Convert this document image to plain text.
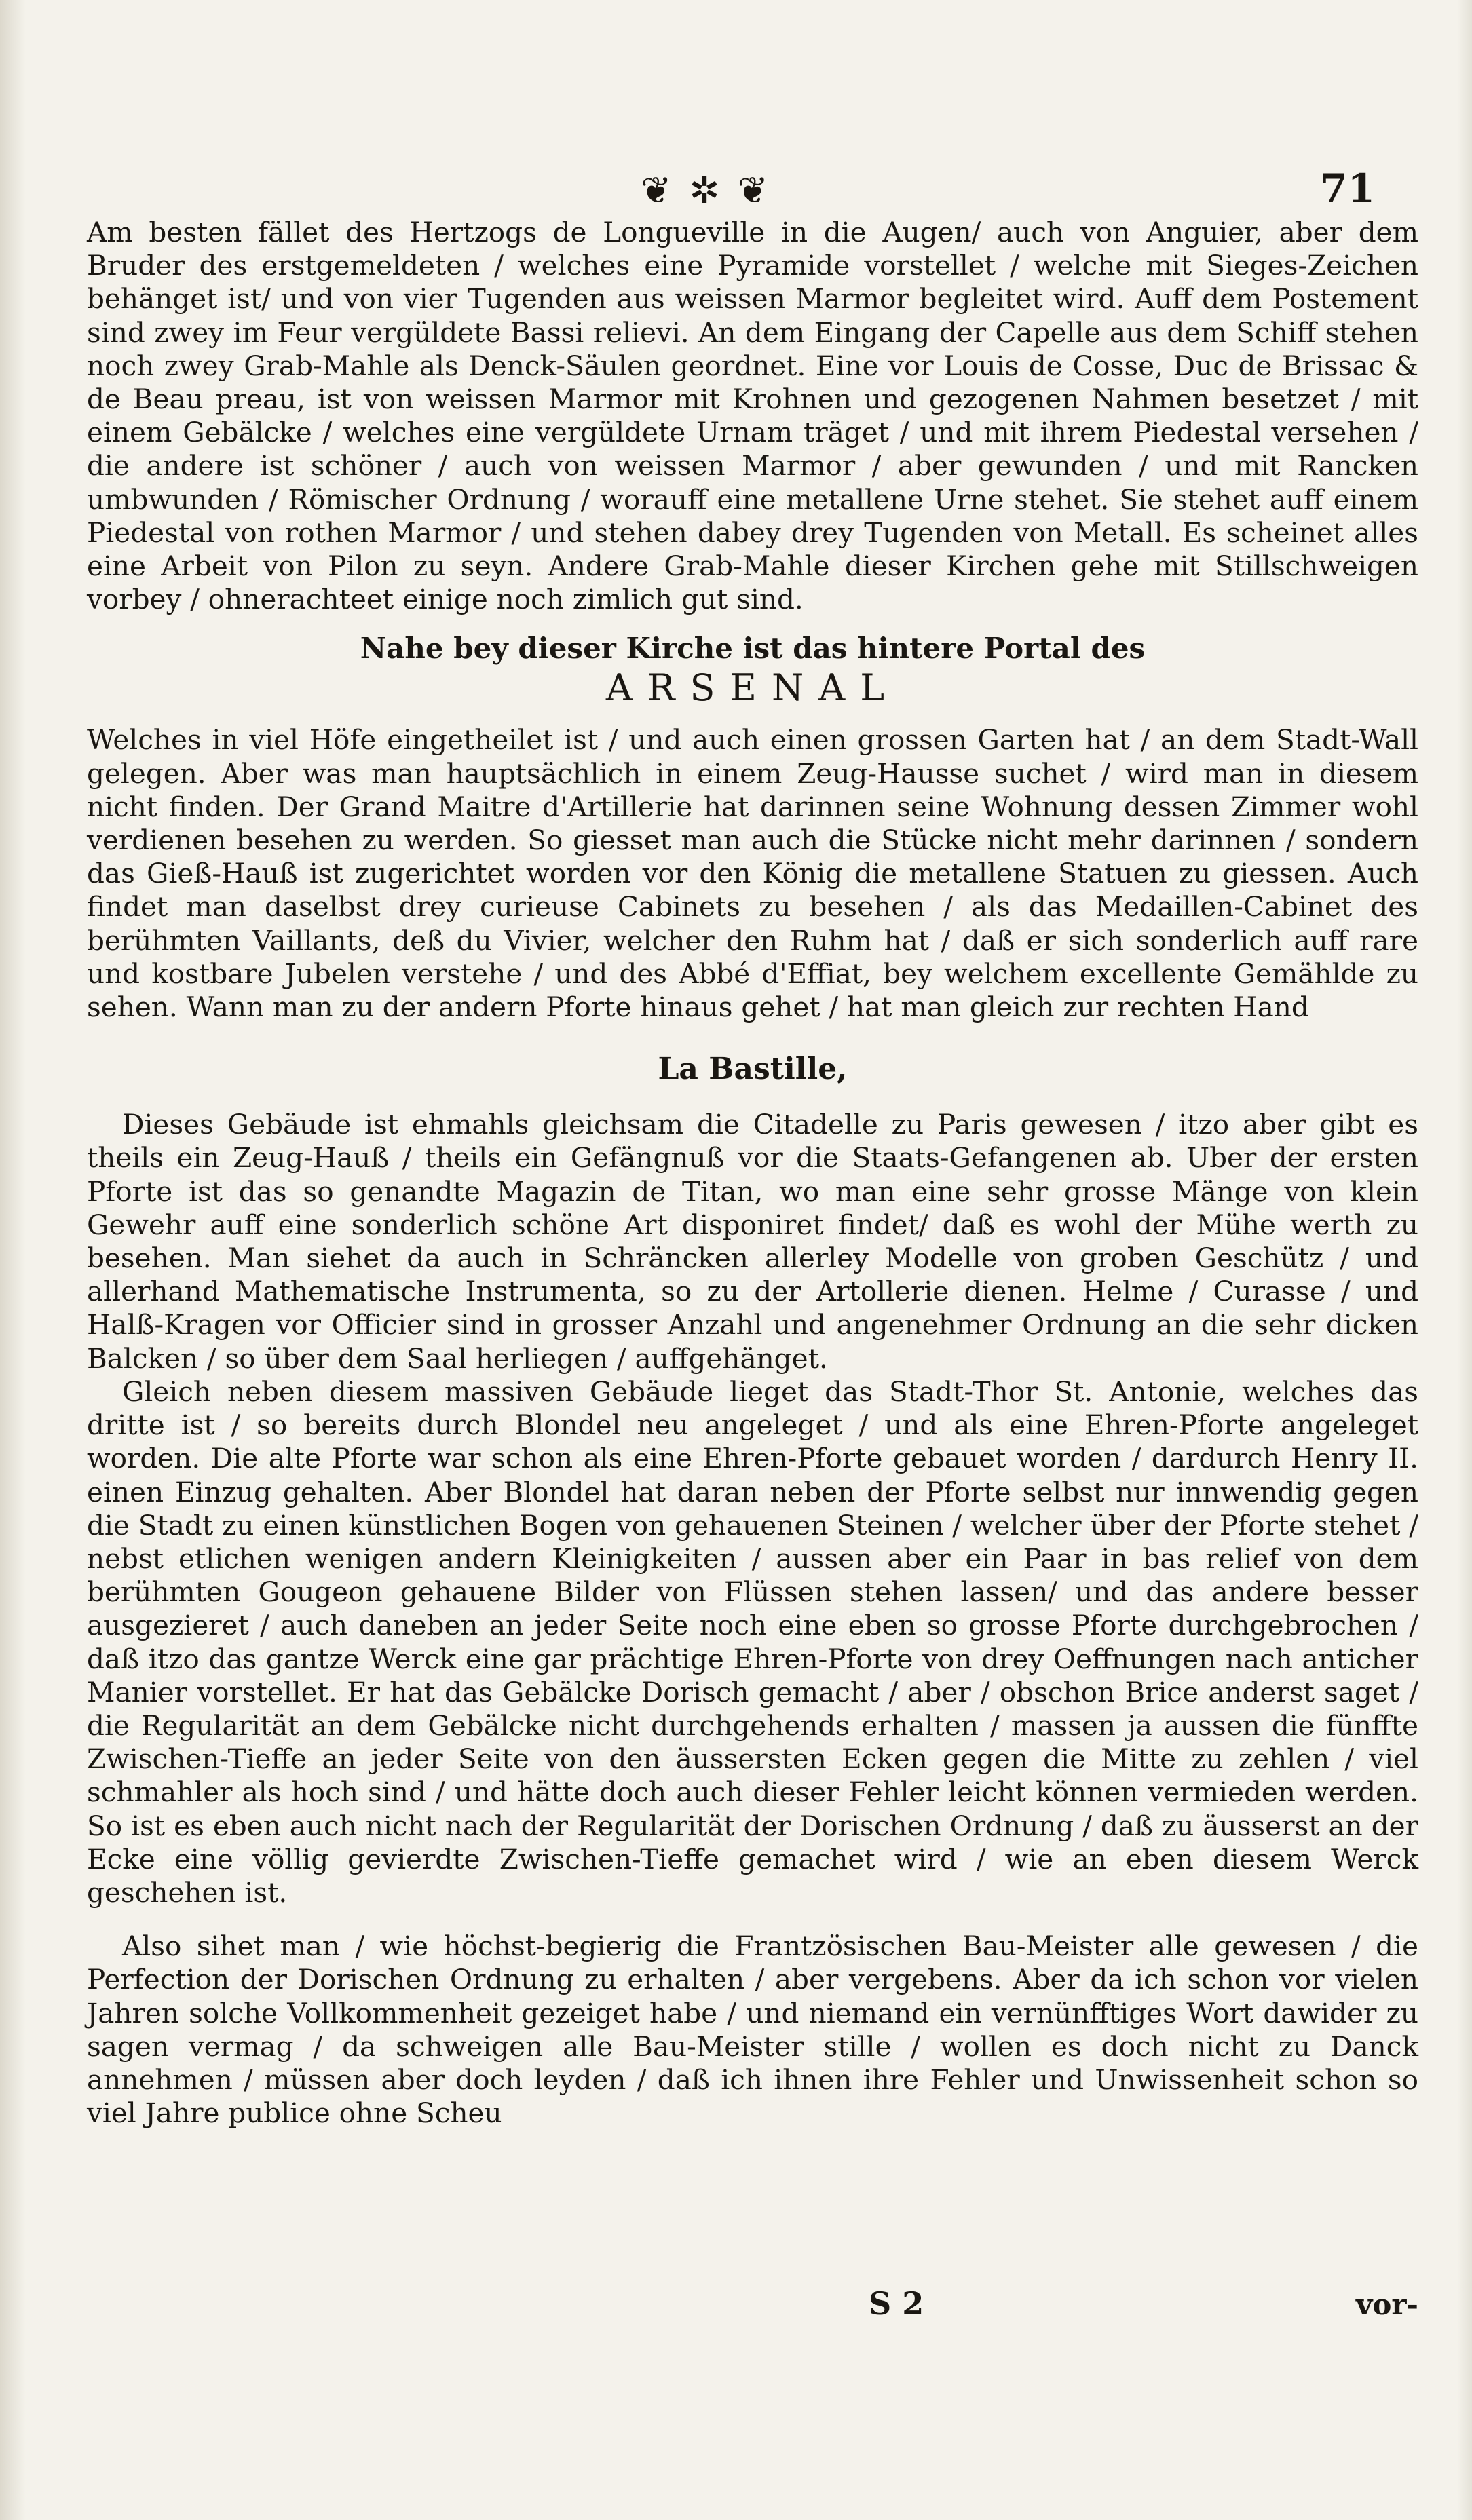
❦ ✲ ❦	71

Am besten fället des Hertzogs de Longueville in die Augen/ auch von Anguier, aber dem Bruder des erstgemeldeten / welches eine Pyramide vorstellet / welche mit Sieges-Zeichen behänget ist/ und von vier Tugenden aus weissen Marmor begleitet wird. Auff dem Postement sind zwey im Feur vergüldete Bassi relievi. An dem Eingang der Capelle aus dem Schiff stehen noch zwey Grab-Mahle als Denck-Säulen geordnet. Eine vor Louis de Cosse, Duc de Brissac & de Beau preau, ist von weissen Marmor mit Krohnen und gezogenen Nahmen besetzet / mit einem Gebälcke / welches eine vergüldete Urnam träget / und mit ihrem Piedestal versehen / die andere ist schöner / auch von weissen Marmor / aber gewunden / und mit Rancken umbwunden / Römischer Ordnung / worauff eine metallene Urne stehet. Sie stehet auff einem Piedestal von rothen Marmor / und stehen dabey drey Tugenden von Metall. Es scheinet alles eine Arbeit von Pilon zu seyn. Andere Grab-Mahle dieser Kirchen gehe mit Stillschweigen vorbey / ohnerachteet einige noch zimlich gut sind.

Nahe bey dieser Kirche ist das hintere Portal des
ARSENAL

Welches in viel Höfe eingetheilet ist / und auch einen grossen Garten hat / an dem Stadt-Wall gelegen. Aber was man hauptsächlich in einem Zeug-Hausse suchet / wird man in diesem nicht finden. Der Grand Maitre d'Artillerie hat darinnen seine Wohnung dessen Zimmer wohl verdienen besehen zu werden. So giesset man auch die Stücke nicht mehr darinnen / sondern das Gieß-Hauß ist zugerichtet worden vor den König die metallene Statuen zu giessen. Auch findet man daselbst drey curieuse Cabinets zu besehen / als das Medaillen-Cabinet des berühmten Vaillants, deß du Vivier, welcher den Ruhm hat / daß er sich sonderlich auff rare und kostbare Jubelen verstehe / und des Abbé d'Effiat, bey welchem excellente Gemählde zu sehen. Wann man zu der andern Pforte hinaus gehet / hat man gleich zur rechten Hand

La Bastille,

Dieses Gebäude ist ehmahls gleichsam die Citadelle zu Paris gewesen / itzo aber gibt es theils ein Zeug-Hauß / theils ein Gefängnuß vor die Staats-Gefangenen ab. Uber der ersten Pforte ist das so genandte Magazin de Titan, wo man eine sehr grosse Mänge von klein Gewehr auff eine sonderlich schöne Art disponiret findet/ daß es wohl der Mühe werth zu besehen. Man siehet da auch in Schräncken allerley Modelle von groben Geschütz / und allerhand Mathematische Instrumenta, so zu der Artollerie dienen. Helme / Curasse / und Halß-Kragen vor Officier sind in grosser Anzahl und angenehmer Ordnung an die sehr dicken Balcken / so über dem Saal herliegen / auffgehänget.

Gleich neben diesem massiven Gebäude lieget das Stadt-Thor St. Antonie, welches das dritte ist / so bereits durch Blondel neu angeleget / und als eine Ehren-Pforte angeleget worden. Die alte Pforte war schon als eine Ehren-Pforte gebauet worden / dardurch Henry II. einen Einzug gehalten. Aber Blondel hat daran neben der Pforte selbst nur innwendig gegen die Stadt zu einen künstlichen Bogen von gehauenen Steinen / welcher über der Pforte stehet / nebst etlichen wenigen andern Kleinigkeiten / aussen aber ein Paar in bas relief von dem berühmten Gougeon gehauene Bilder von Flüssen stehen lassen/ und das andere besser ausgezieret / auch daneben an jeder Seite noch eine eben so grosse Pforte durchgebrochen / daß itzo das gantze Werck eine gar prächtige Ehren-Pforte von drey Oeffnungen nach anticher Manier vorstellet. Er hat das Gebälcke Dorisch gemacht / aber / obschon Brice anderst saget / die Regularität an dem Gebälcke nicht durchgehends erhalten / massen ja aussen die fünffte Zwischen-Tieffe an jeder Seite von den äussersten Ecken gegen die Mitte zu zehlen / viel schmahler als hoch sind / und hätte doch auch dieser Fehler leicht können vermieden werden. So ist es eben auch nicht nach der Regularität der Dorischen Ordnung / daß zu äusserst an der Ecke eine völlig gevierdte Zwischen-Tieffe gemachet wird / wie an eben diesem Werck geschehen ist.

Also sihet man / wie höchst-begierig die Frantzösischen Bau-Meister alle gewesen / die Perfection der Dorischen Ordnung zu erhalten / aber vergebens. Aber da ich schon vor vielen Jahren solche Vollkommenheit gezeiget habe / und niemand ein vernünfftiges Wort dawider zu sagen vermag / da schweigen alle Bau-Meister stille / wollen es doch nicht zu Danck annehmen / müssen aber doch leyden / daß ich ihnen ihre Fehler und Unwissenheit schon so viel Jahre publice ohne Scheu

S 2	vor-
